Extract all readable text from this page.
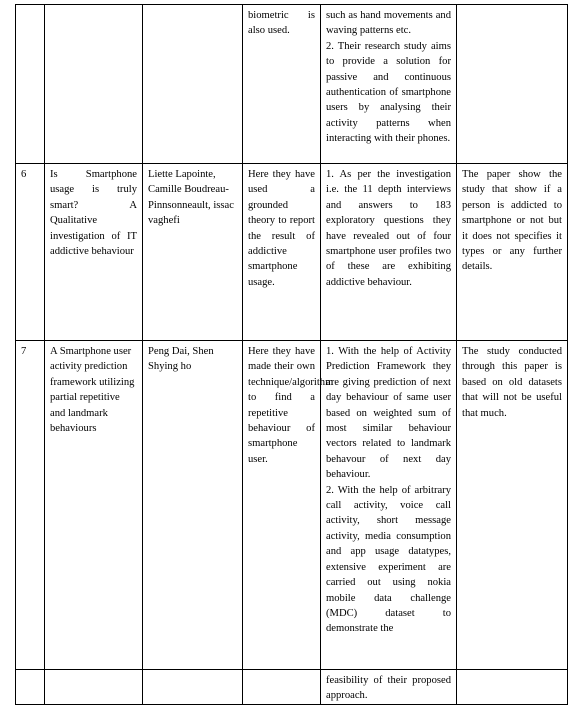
			biometric is also used.	such as hand movements and waving patterns etc.

2. Their research study aims to provide a solution for passive and continuous authentication of smartphone users by analysing their activity patterns when interacting with their phones.	

6	Is Smartphone usage is truly smart? A Qualitative investigation of IT addictive behaviour	Liette Lapointe, Camille Boudreau-Pinnsonneault, issac vaghefi	Here they have used a grounded theory to report the result of addictive smartphone usage.	1. As per the investigation i.e. the 11 depth interviews and answers to 183 exploratory questions they have revealed out of four smartphone user profiles two of these are exhibiting addictive behaviour.	The paper show the study that show if a person is addicted to smartphone or not but it does not specifies it types or any further details.
7	A Smartphone user activity prediction framework utilizing partial repetitive and landmark behaviours	Peng Dai, Shen Shying ho	Here they have made their own technique/algorithm to find a repetitive behaviour of smartphone user.	1. With the help of Activity Prediction Framework they are giving prediction of next day behaviour of same user based on weighted sum of most similar behaviour vectors related to landmark behavour of next day behaviour.

2. With the help of arbitrary call activity, voice call activity, short message activity, media consumption and app usage datatypes, extensive experiment are carried out using nokia mobile data challenge (MDC) dataset to demonstrate the	The study conducted through this paper is based on old datasets that will not be useful that much.

				feasibility of their proposed approach.	
